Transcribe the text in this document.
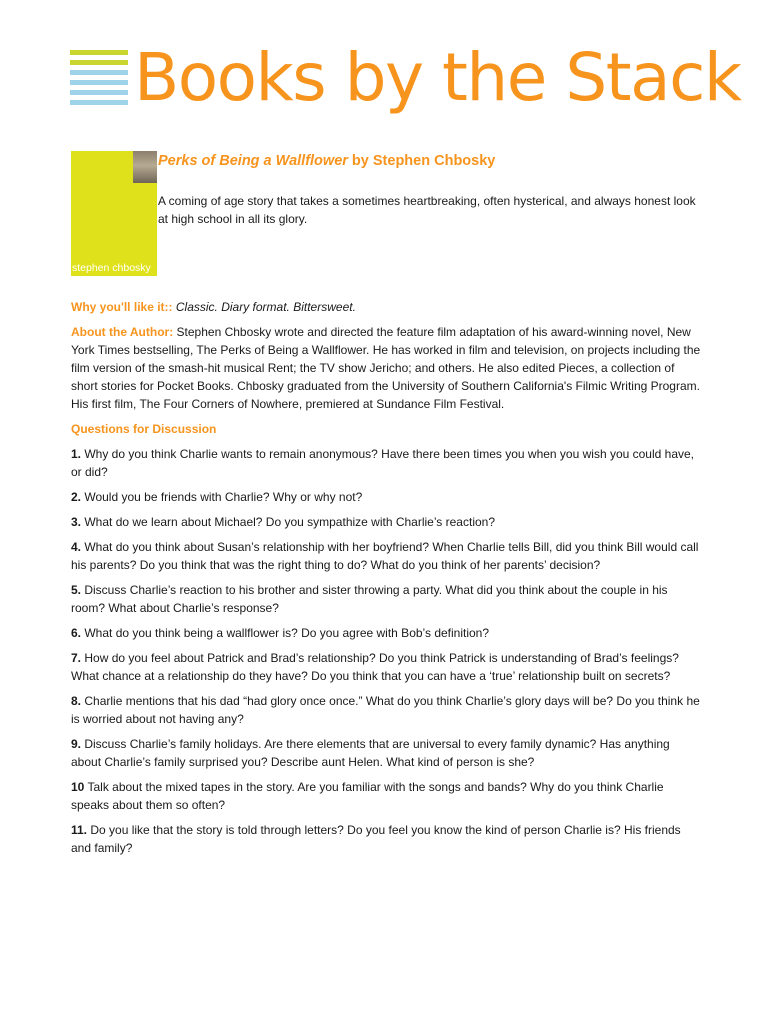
Books by the Stack
stephen chbosky
Perks of Being a Wallflower by Stephen Chbosky
A coming of age story that takes a sometimes heartbreaking, often hysterical, and always honest look at high school in all its glory.

Why you'll like it:: Classic. Diary format. Bittersweet.

About the Author: Stephen Chbosky wrote and directed the feature film adaptation of his award-winning novel, New York Times bestselling, The Perks of Being a Wallflower. He has worked in film and television, on projects including the film version of the smash-hit musical Rent; the TV show Jericho; and others. He also edited Pieces, a collection of short stories for Pocket Books. Chbosky graduated from the University of Southern California's Filmic Writing Program. His first film, The Four Corners of Nowhere, premiered at Sundance Film Festival.

Questions for Discussion

1. Why do you think Charlie wants to remain anonymous? Have there been times you when you wish you could have, or did?

2. Would you be friends with Charlie? Why or why not?

3. What do we learn about Michael? Do you sympathize with Charlie’s reaction?

4. What do you think about Susan’s relationship with her boyfriend? When Charlie tells Bill, did you think Bill would call his parents? Do you think that was the right thing to do? What do you think of her parents’ decision?

5. Discuss Charlie’s reaction to his brother and sister throwing a party. What did you think about the couple in his room? What about Charlie’s response?

6. What do you think being a wallflower is? Do you agree with Bob’s definition?

7. How do you feel about Patrick and Brad’s relationship? Do you think Patrick is understanding of Brad’s feelings? What chance at a relationship do they have? Do you think that you can have a ‘true’ relationship built on secrets?

8. Charlie mentions that his dad “had glory once once.” What do you think Charlie’s glory days will be? Do you think he is worried about not having any?

9. Discuss Charlie’s family holidays. Are there elements that are universal to every family dynamic? Has anything about Charlie’s family surprised you? Describe aunt Helen. What kind of person is she?

10 Talk about the mixed tapes in the story. Are you familiar with the songs and bands? Why do you think Charlie speaks about them so often?

11. Do you like that the story is told through letters? Do you feel you know the kind of person Charlie is? His friends and family?
